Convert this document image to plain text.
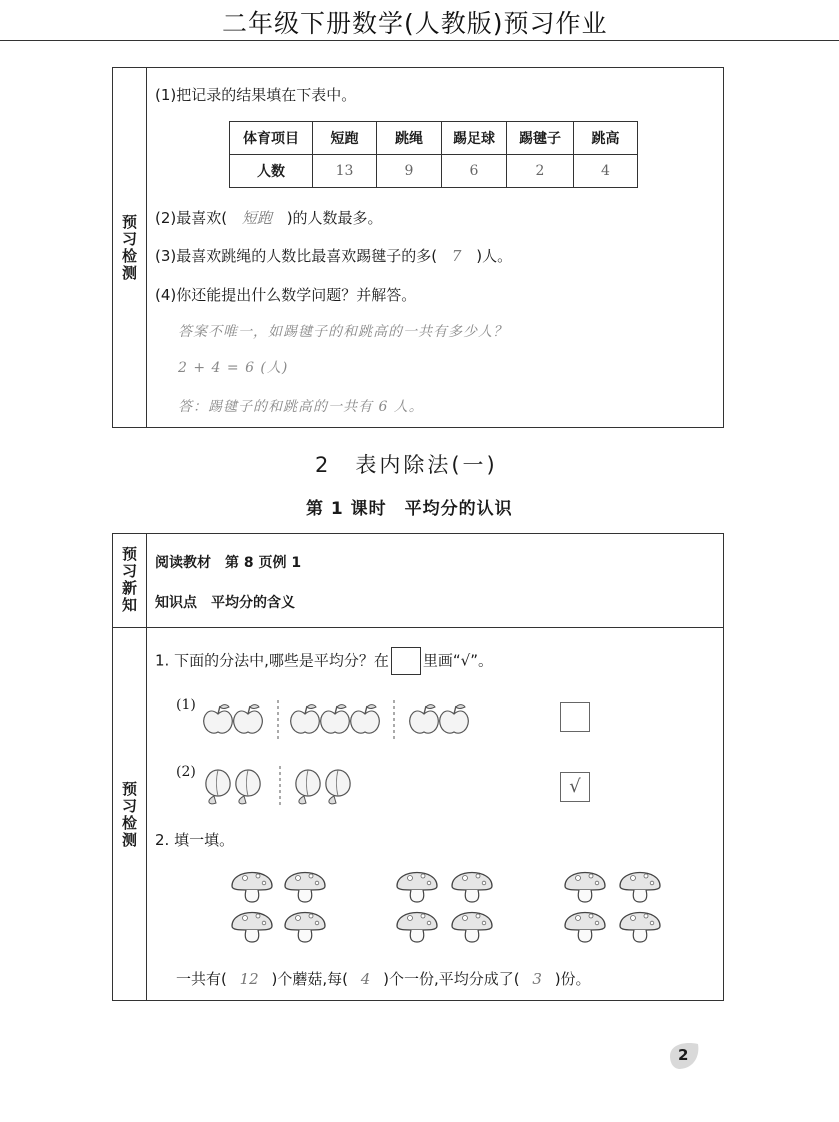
二年级下册数学(人教版)预习作业
预习检测
(1)把记录的结果填在下表中。
体育项目	短跑	跳绳	踢足球	踢毽子	跳高
人数	13	9	6	2	4
(2)最喜欢( 短跑 )的人数最多。
(3)最喜欢跳绳的人数比最喜欢踢毽子的多( 7 )人。
(4)你还能提出什么数学问题？并解答。
答案不唯一，如踢毽子的和跳高的一共有多少人？
2 + 4 = 6 (人)
答：踢毽子的和跳高的一共有 6 人。
2　表内除法(一)
第 1 课时　平均分的认识
预习新知
预习检测
阅读教材　第 8 页例 1
知识点　平均分的含义
1. 下面的分法中,哪些是平均分？在 里画“√”。
(1)
(2)
√
2. 填一填。
一共有( 12 )个蘑菇,每( 4 )个一份,平均分成了( 3 )份。
2
